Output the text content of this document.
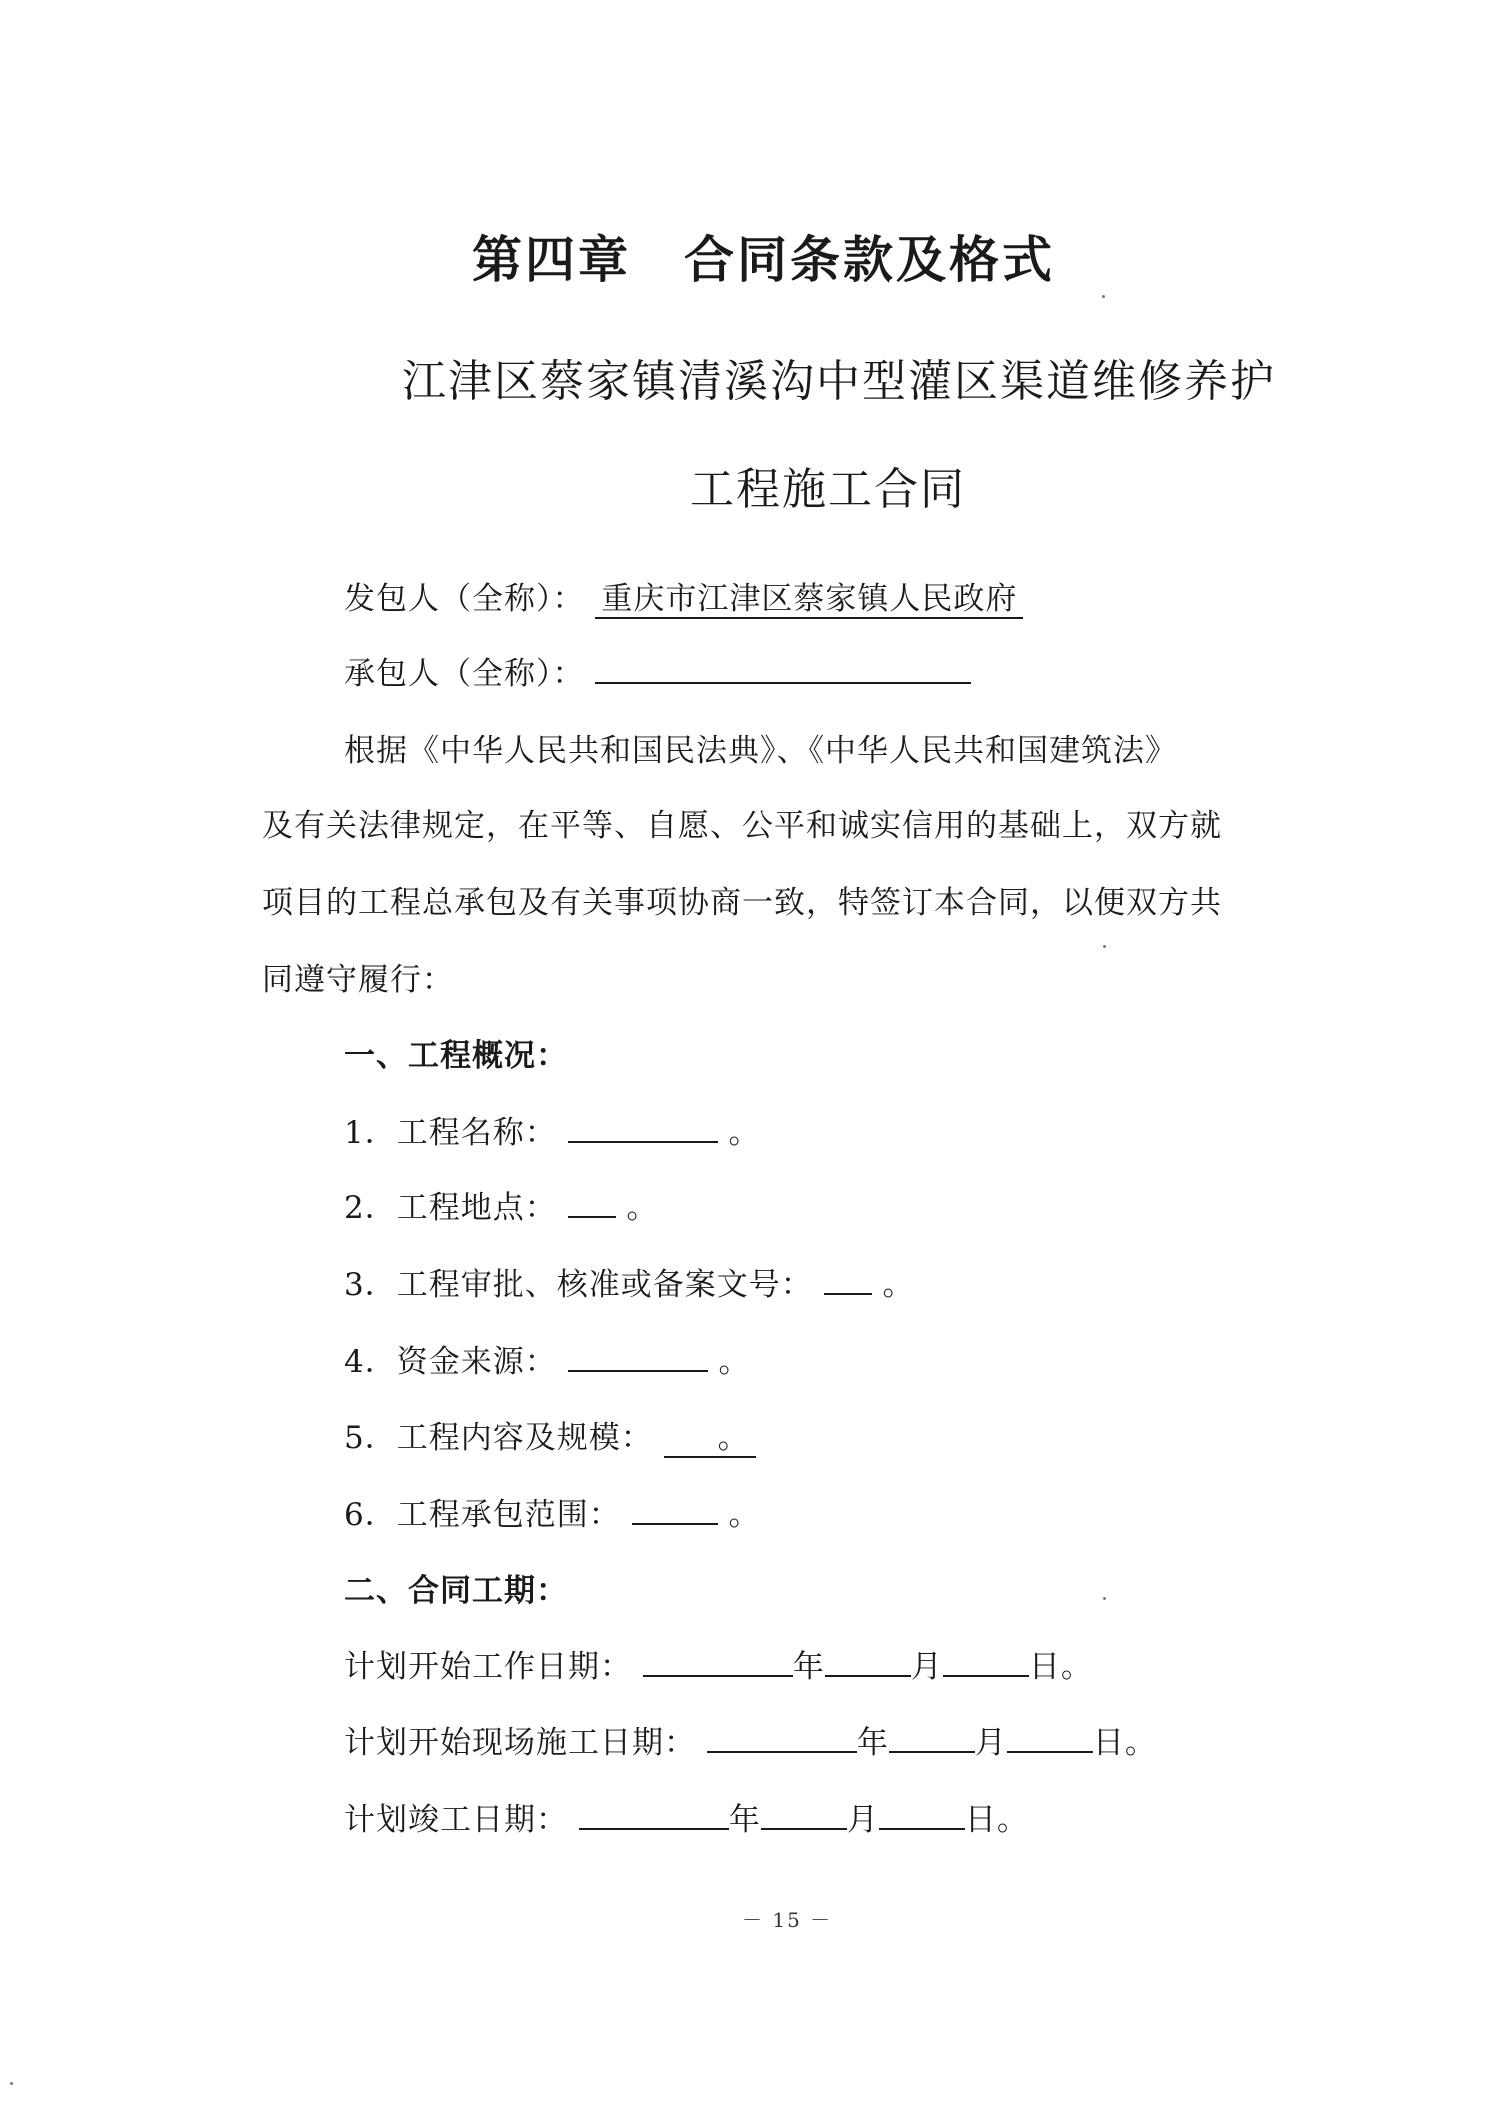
第四章　合同条款及格式
江津区蔡家镇清溪沟中型灌区渠道维修养护
工程施工合同
发包人（全称）： 重庆市江津区蔡家镇人民政府
承包人（全称）：
根据《中华人民共和国民法典》、《中华人民共和国建筑法》
及有关法律规定，在平等、自愿、公平和诚实信用的基础上，双方就
项目的工程总承包及有关事项协商一致，特签订本合同，以便双方共
同遵守履行：
一、工程概况：
1．工程名称：	。
2．工程地点： 。
3．工程审批、核准或备案文号： 。
4．资金来源：	。
5．工程内容及规模： 。
6．工程承包范围：	。
二、合同工期：
计划开始工作日期：	年	月	日。
计划开始现场施工日期：	年	月	日。
计划竣工日期：	年	月	日。
－ 15 －
